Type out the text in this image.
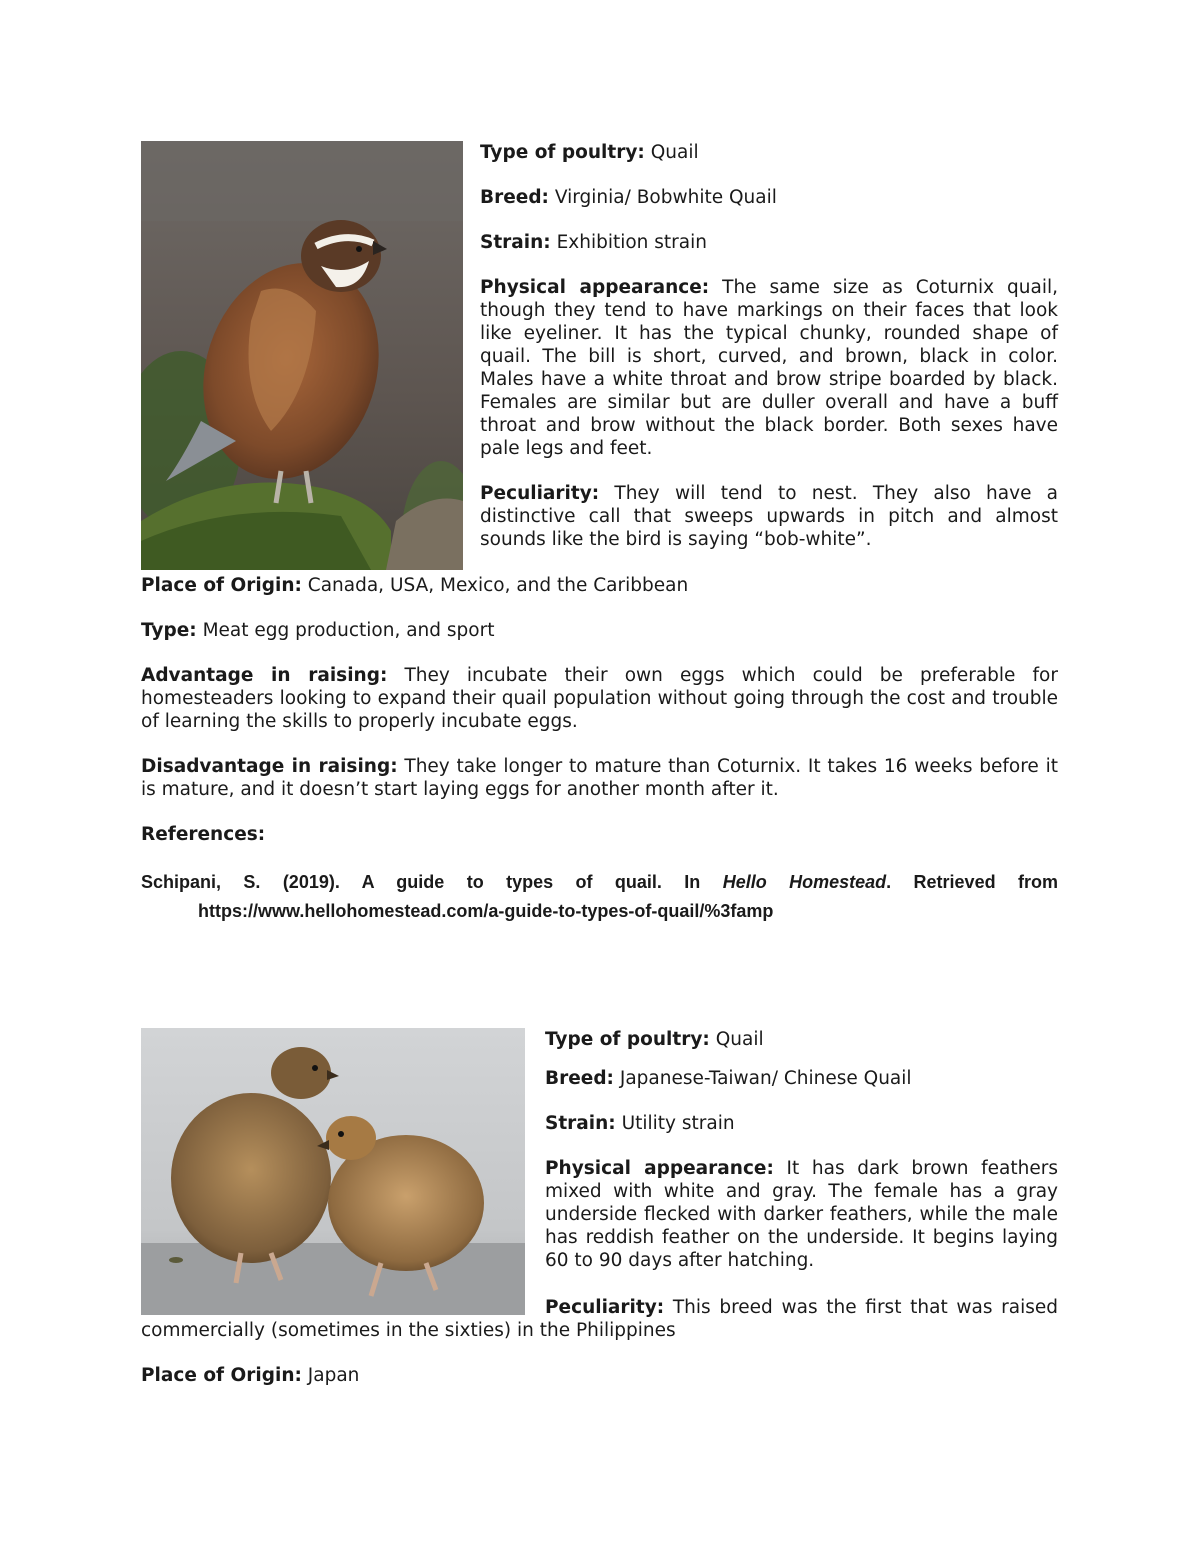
Type of poultry: Quail

Breed: Virginia/ Bobwhite Quail

Strain: Exhibition strain

Physical appearance: The same size as Coturnix quail, though they tend to have markings on their faces that look like eyeliner. It has the typical chunky, rounded shape of quail. The bill is short, curved, and brown, black in color. Males have a white throat and brow stripe boarded by black. Females are similar but are duller overall and have a buff throat and brow without the black border. Both sexes have pale legs and feet.

Peculiarity: They will tend to nest. They also have a distinctive call that sweeps upwards in pitch and almost sounds like the bird is saying “bob-white”.

Place of Origin: Canada, USA, Mexico, and the Caribbean

Type: Meat egg production, and sport

Advantage in raising: They incubate their own eggs which could be preferable for homesteaders looking to expand their quail population without going through the cost and trouble of learning the skills to properly incubate eggs.

Disadvantage in raising: They take longer to mature than Coturnix. It takes 16 weeks before it is mature, and it doesn’t start laying eggs for another month after it.

References:

Schipani, S. (2019). A guide to types of quail. In Hello Homestead. Retrieved from

https://www.hellohomestead.com/a-guide-to-types-of-quail/%3famp

Type of poultry: Quail

Breed: Japanese-Taiwan/ Chinese Quail

Strain: Utility strain

Physical appearance: It has dark brown feathers mixed with white and gray. The female has a gray underside flecked with darker feathers, while the male has reddish feather on the underside. It begins laying 60 to 90 days after hatching.

Peculiarity: This breed was the first that was raised commercially (sometimes in the sixties) in the Philippines

Place of Origin: Japan
